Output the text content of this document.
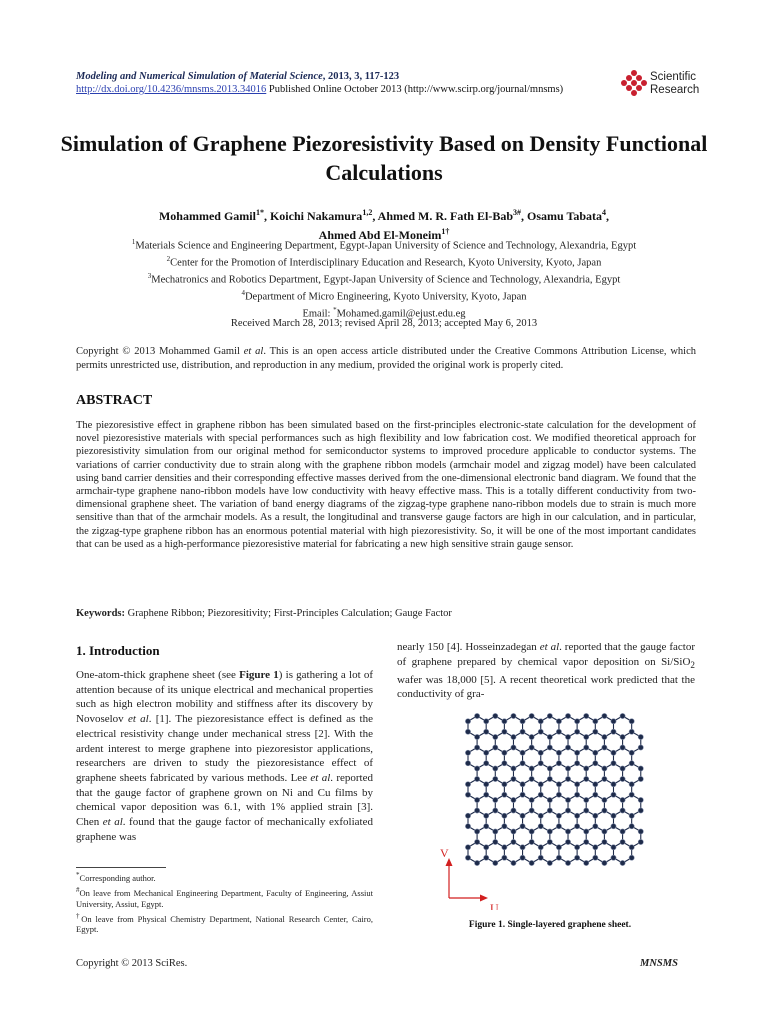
Modeling and Numerical Simulation of Material Science, 2013, 3, 117-123
http://dx.doi.org/10.4236/mnsms.2013.34016 Published Online October 2013 (http://www.scirp.org/journal/mnsms)
Scientific
Research
Simulation of Graphene Piezoresistivity Based on Density Functional Calculations
Mohammed Gamil$^{1*}$, Koichi Nakamura$^{1,2}$, Ahmed M. R. Fath El-Bab$^{3\#}$, Osamu Tabata$^4$,
Ahmed Abd El-Moneim$^{1\dagger}$
$^1$Materials Science and Engineering Department, Egypt-Japan University of Science and Technology, Alexandria, Egypt
$^2$Center for the Promotion of Interdisciplinary Education and Research, Kyoto University, Kyoto, Japan
$^3$Mechatronics and Robotics Department, Egypt-Japan University of Science and Technology, Alexandria, Egypt
$^4$Department of Micro Engineering, Kyoto University, Kyoto, Japan
Email: *Mohamed.gamil@ejust.edu.eg
Received March 28, 2013; revised April 28, 2013; accepted May 6, 2013
Copyright © 2013 Mohammed Gamil et al. This is an open access article distributed under the Creative Commons Attribution License, which permits unrestricted use, distribution, and reproduction in any medium, provided the original work is properly cited.
ABSTRACT
The piezoresistive effect in graphene ribbon has been simulated based on the first-principles electronic-state calculation for the development of novel piezoresistive materials with special performances such as high flexibility and low fabrication cost. We modified theoretical approach for piezoresistivity simulation from our original method for semiconductor systems to improved procedure applicable to conductor systems. The variations of carrier conductivity due to strain along with the graphene ribbon models (armchair model and zigzag model) have been calculated using band carrier densities and their corresponding effective masses derived from the one-dimensional electronic band diagram. We found that the armchair-type graphene nano-ribbon models have low conductivity with heavy effective mass. This is a totally different conductivity from two-dimensional graphene sheet. The variation of band energy diagrams of the zigzag-type graphene nano-ribbon models due to strain is much more sensitive than that of the armchair models. As a result, the longitudinal and transverse gauge factors are high in our calculation, and in particular, the zigzag-type graphene ribbon has an enormous potential material with high piezoresistivity. So, it will be one of the most important candidates that can be used as a high-performance piezoresistive material for fabricating a new high sensitive strain gauge sensor.
Keywords: Graphene Ribbon; Piezoresitivity; First-Principles Calculation; Gauge Factor
1. Introduction
One-atom-thick graphene sheet (see Figure 1) is gathering a lot of attention because of its unique electrical and mechanical properties such as high electron mobility and stiffness after its discovery by Novoselov et al. [1]. The piezoresistance effect is defined as the electrical resistivity change under mechanical stress [2]. With the ardent interest to merge graphene into piezoresistor applications, researchers are driven to study the piezoresistance effect of graphene sheets fabricated by various methods. Lee et al. reported that the gauge factor of graphene grown on Ni and Cu films by chemical vapor deposition was 6.1, with 1% applied strain [3]. Chen et al. found that the gauge factor of mechanically exfoliated graphene was
nearly 150 [4]. Hosseinzadegan et al. reported that the gauge factor of graphene prepared by chemical vapor deposition on Si/SiO$_2$ wafer was 18,000 [5]. A recent theoretical work predicted that the conductivity of gra-

*Corresponding author.

#On leave from Mechanical Engineering Department, Faculty of Engineering, Assiut University, Assiut, Egypt.

†On leave from Physical Chemistry Department, National Research Center, Cairo, Egypt.

V
U
Figure 1. Single-layered graphene sheet.
Copyright © 2013 SciRes.	MNSMS
